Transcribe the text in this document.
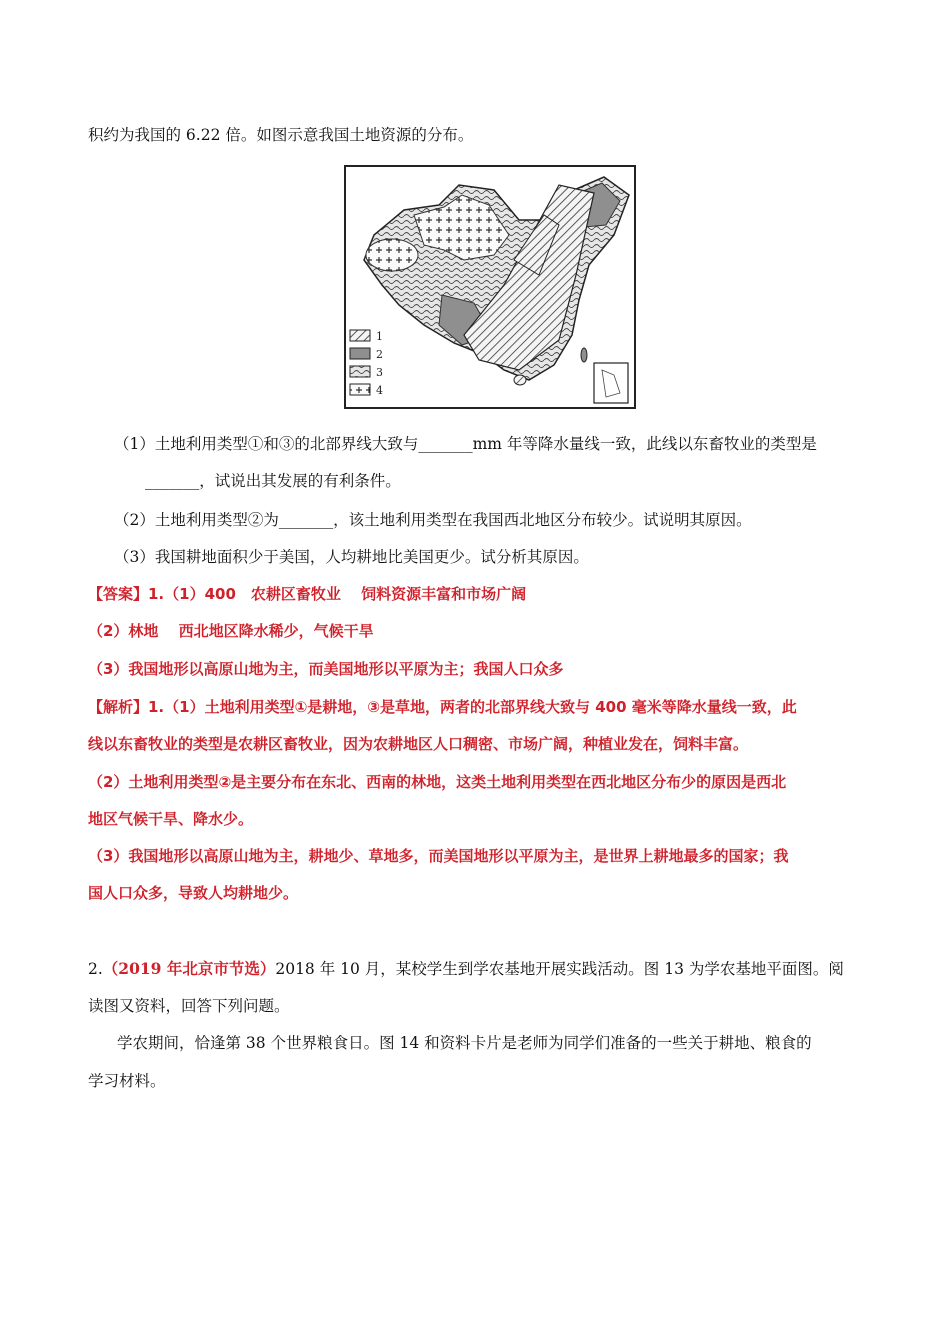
积约为我国的 6.22 倍。如图示意我国土地资源的分布。
1
2
3
4
（1）土地利用类型①和③的北部界线大致与_______mm 年等降水量线一致，此线以东畜牧业的类型是
_______，试说出其发展的有利条件。
（2）土地利用类型②为_______，该土地利用类型在我国西北地区分布较少。试说明其原因。
（3）我国耕地面积少于美国，人均耕地比美国更少。试分析其原因。
【答案】1.（1）400　农耕区畜牧业　 饲料资源丰富和市场广阔
（2）林地　 西北地区降水稀少，气候干旱
（3）我国地形以高原山地为主，而美国地形以平原为主；我国人口众多
【解析】1.（1）土地利用类型①是耕地，③是草地，两者的北部界线大致与 400 毫米等降水量线一致，此
线以东畜牧业的类型是农耕区畜牧业，因为农耕地区人口稠密、市场广阔，种植业发在，饲料丰富。
（2）土地利用类型②是主要分布在东北、西南的林地，这类土地利用类型在西北地区分布少的原因是西北
地区气候干旱、降水少。
（3）我国地形以高原山地为主，耕地少、草地多，而美国地形以平原为主，是世界上耕地最多的国家；我
国人口众多，导致人均耕地少。
2.（2019 年北京市节选）2018 年 10 月，某校学生到学农基地开展实践活动。图 13 为学农基地平面图。阅
读图又资料，回答下列问题。
学农期间，恰逢第 38 个世界粮食日。图 14 和资料卡片是老师为同学们准备的一些关于耕地、粮食的
学习材料。
